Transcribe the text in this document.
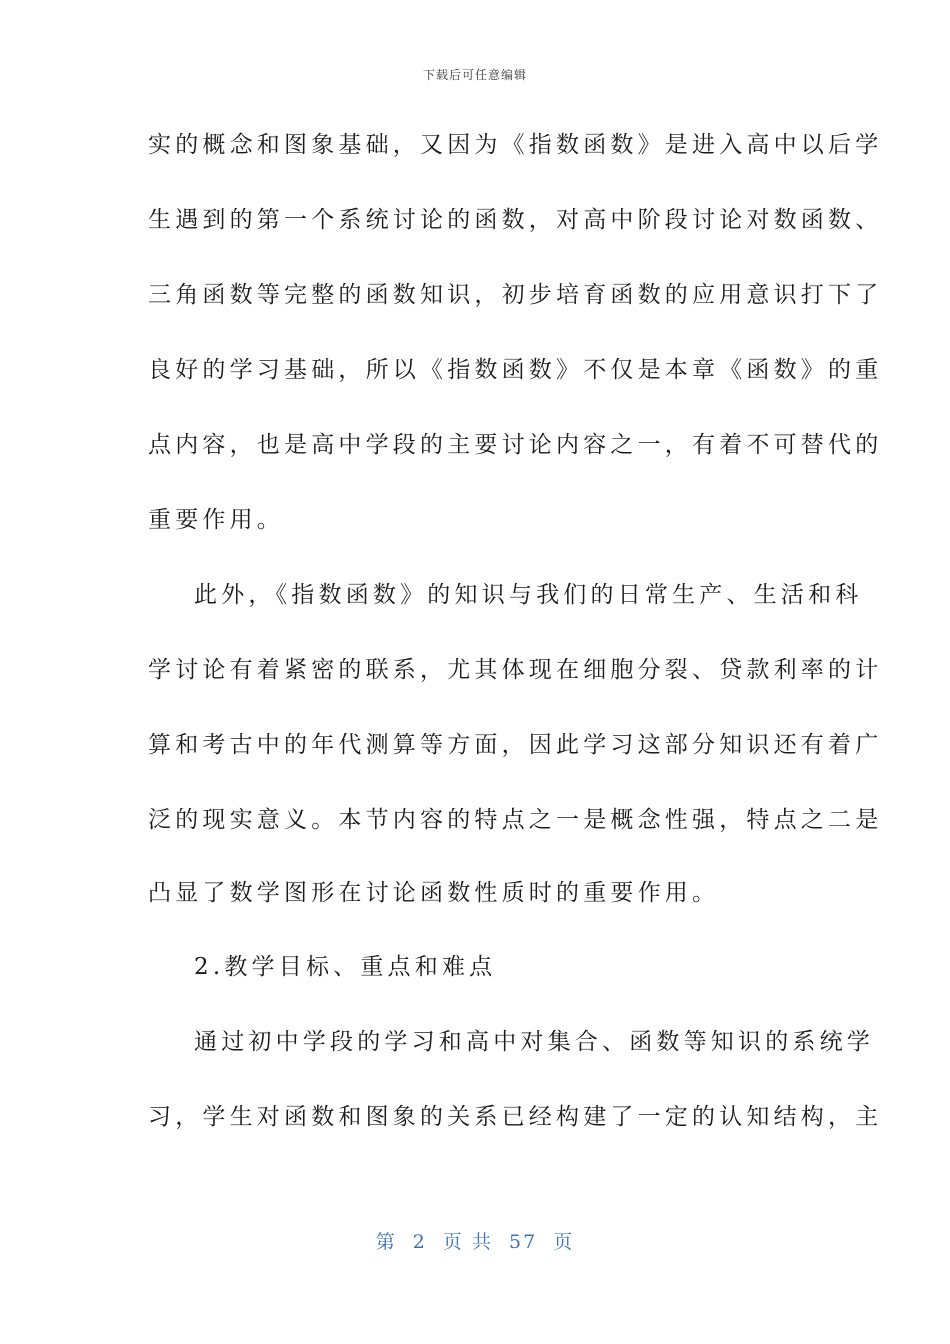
下载后可任意编辑
实的概念和图象基础，又因为《指数函数》是进入高中以后学
生遇到的第一个系统讨论的函数，对高中阶段讨论对数函数、
三角函数等完整的函数知识，初步培育函数的应用意识打下了
良好的学习基础，所以《指数函数》不仅是本章《函数》的重
点内容，也是高中学段的主要讨论内容之一，有着不可替代的
重要作用。
此外，《指数函数》的知识与我们的日常生产、生活和科
学讨论有着紧密的联系，尤其体现在细胞分裂、贷款利率的计
算和考古中的年代测算等方面，因此学习这部分知识还有着广
泛的现实意义。本节内容的特点之一是概念性强，特点之二是
凸显了数学图形在讨论函数性质时的重要作用。
2.教学目标、重点和难点
通过初中学段的学习和高中对集合、函数等知识的系统学
习，学生对函数和图象的关系已经构建了一定的认知结构，主
第 2 页 共 57 页
